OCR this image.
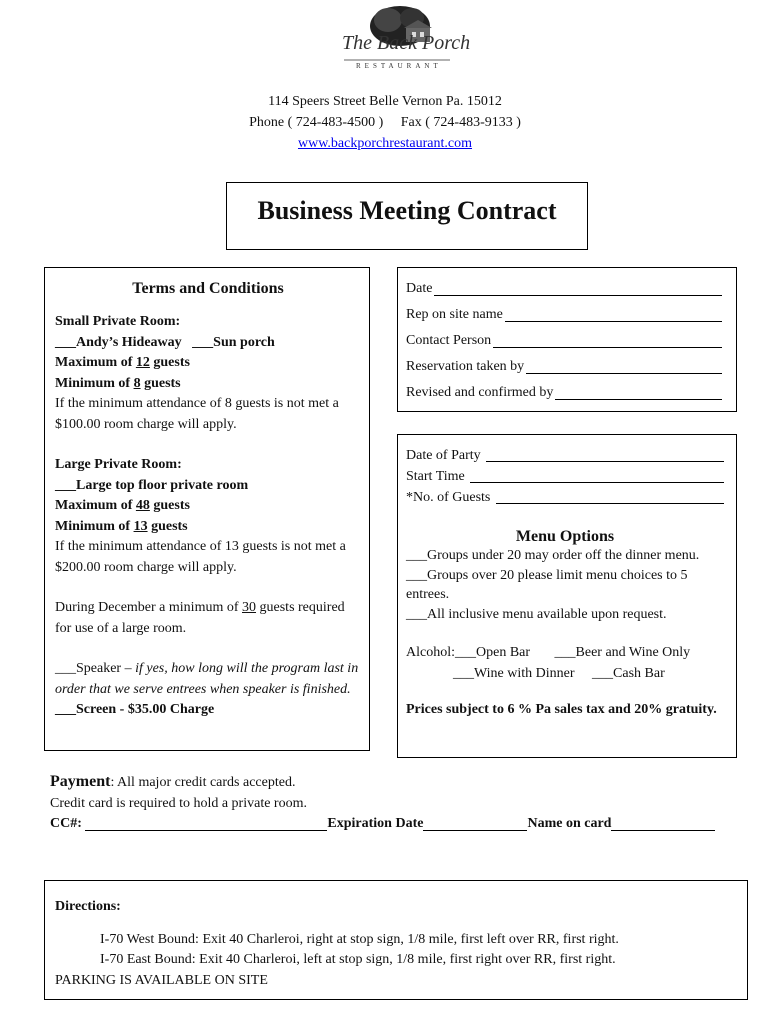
The Back Porch
RESTAURANT
114 Speers Street Belle Vernon Pa. 15012
Phone ( 724-483-4500 )     Fax ( 724-483-9133 )
www.backporchrestaurant.com
Business Meeting Contract
Terms and Conditions

Small Private Room:

___Andy’s Hideaway ___Sun porch

Maximum of 12 guests

Minimum of 8 guests

If the minimum attendance of 8 guests is not met a $100.00 room charge will apply.

Large Private Room:

___Large top floor private room

Maximum of 48 guests

Minimum of 13 guests

If the minimum attendance of 13 guests is not met a $200.00 room charge will apply.

During December a minimum of 30 guests required for use of a large room.

___Speaker – if yes, how long will the program last in order that we serve entrees when speaker is finished.

___Screen - $35.00 Charge

Date
Rep on site name
Contact Person
Reservation taken by
Revised and confirmed by
Date of Party
Start Time
*No. of Guests
Menu Options

___Groups under 20 may order off the dinner menu.

___Groups over 20 please limit menu choices to 5 entrees.

___All inclusive menu available upon request.

Alcohol:___Open Bar       ___Beer and Wine Only

___Wine with Dinner     ___Cash Bar

Prices subject to 6 % Pa sales tax and 20% gratuity.

Payment: All major credit cards accepted.

Credit card is required to hold a private room.

CC#:	Expiration Date	Name on card

Directions:

I-70 West Bound: Exit 40 Charleroi, right at stop sign, 1/8 mile, first left over RR, first right.

I-70 East Bound: Exit 40 Charleroi, left at stop sign, 1/8 mile, first right over RR, first right.

PARKING IS AVAILABLE ON SITE
